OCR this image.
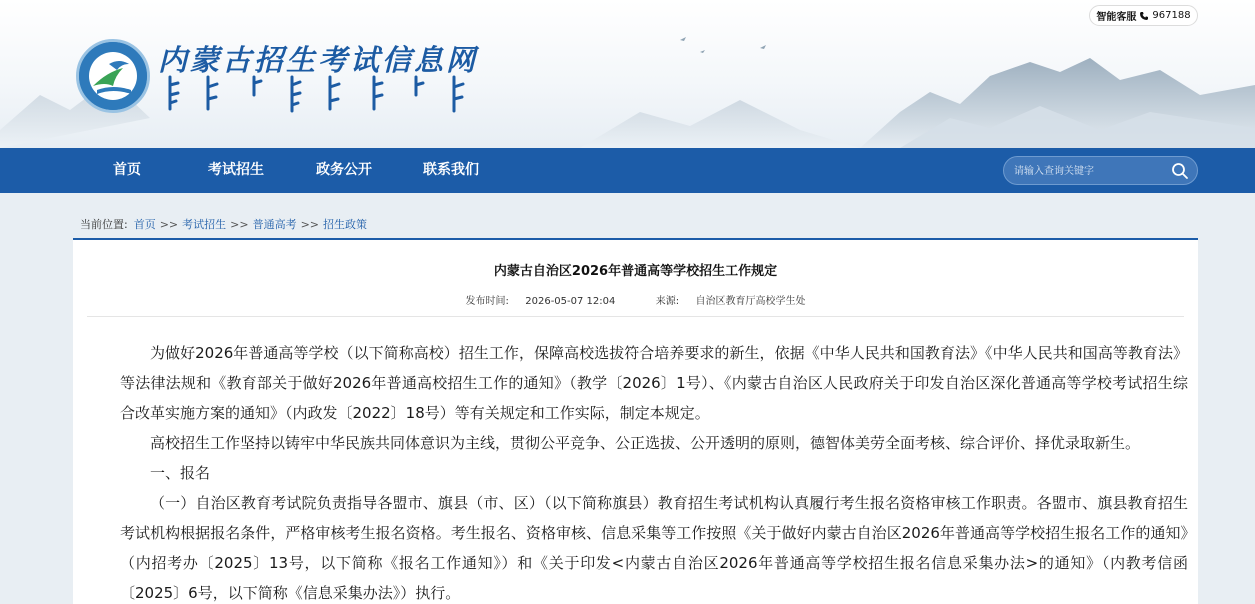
内蒙古招生考试信息网
智能客服 967188
首页	考试招生	政务公开	联系我们
请输入查询关键字
当前位置: 首页 >> 考试招生 >> 普通高考 >> 招生政策
内蒙古自治区2026年普通高等学校招生工作规定
发布时间: 2026-05-07 12:04	来源: 自治区教育厅高校学生处

为做好2026年普通高等学校（以下简称高校）招生工作，保障高校选拔符合培养要求的新生，依据《中华人民共和国教育法》《中华人民共和国高等教育法》等法律法规和《教育部关于做好2026年普通高校招生工作的通知》（教学〔2026〕1号）、《内蒙古自治区人民政府关于印发自治区深化普通高等学校考试招生综合改革实施方案的通知》（内政发〔2022〕18号）等有关规定和工作实际，制定本规定。

高校招生工作坚持以铸牢中华民族共同体意识为主线，贯彻公平竞争、公正选拔、公开透明的原则，德智体美劳全面考核、综合评价、择优录取新生。

一、报名

（一）自治区教育考试院负责指导各盟市、旗县（市、区）（以下简称旗县）教育招生考试机构认真履行考生报名资格审核工作职责。各盟市、旗县教育招生考试机构根据报名条件，严格审核考生报名资格。考生报名、资格审核、信息采集等工作按照《关于做好内蒙古自治区2026年普通高等学校招生报名工作的通知》（内招考办〔2025〕13号，以下简称《报名工作通知》）和《关于印发<内蒙古自治区2026年普通高等学校招生报名信息采集办法>的通知》（内教考信函〔2025〕6号，以下简称《信息采集办法》）执行。
